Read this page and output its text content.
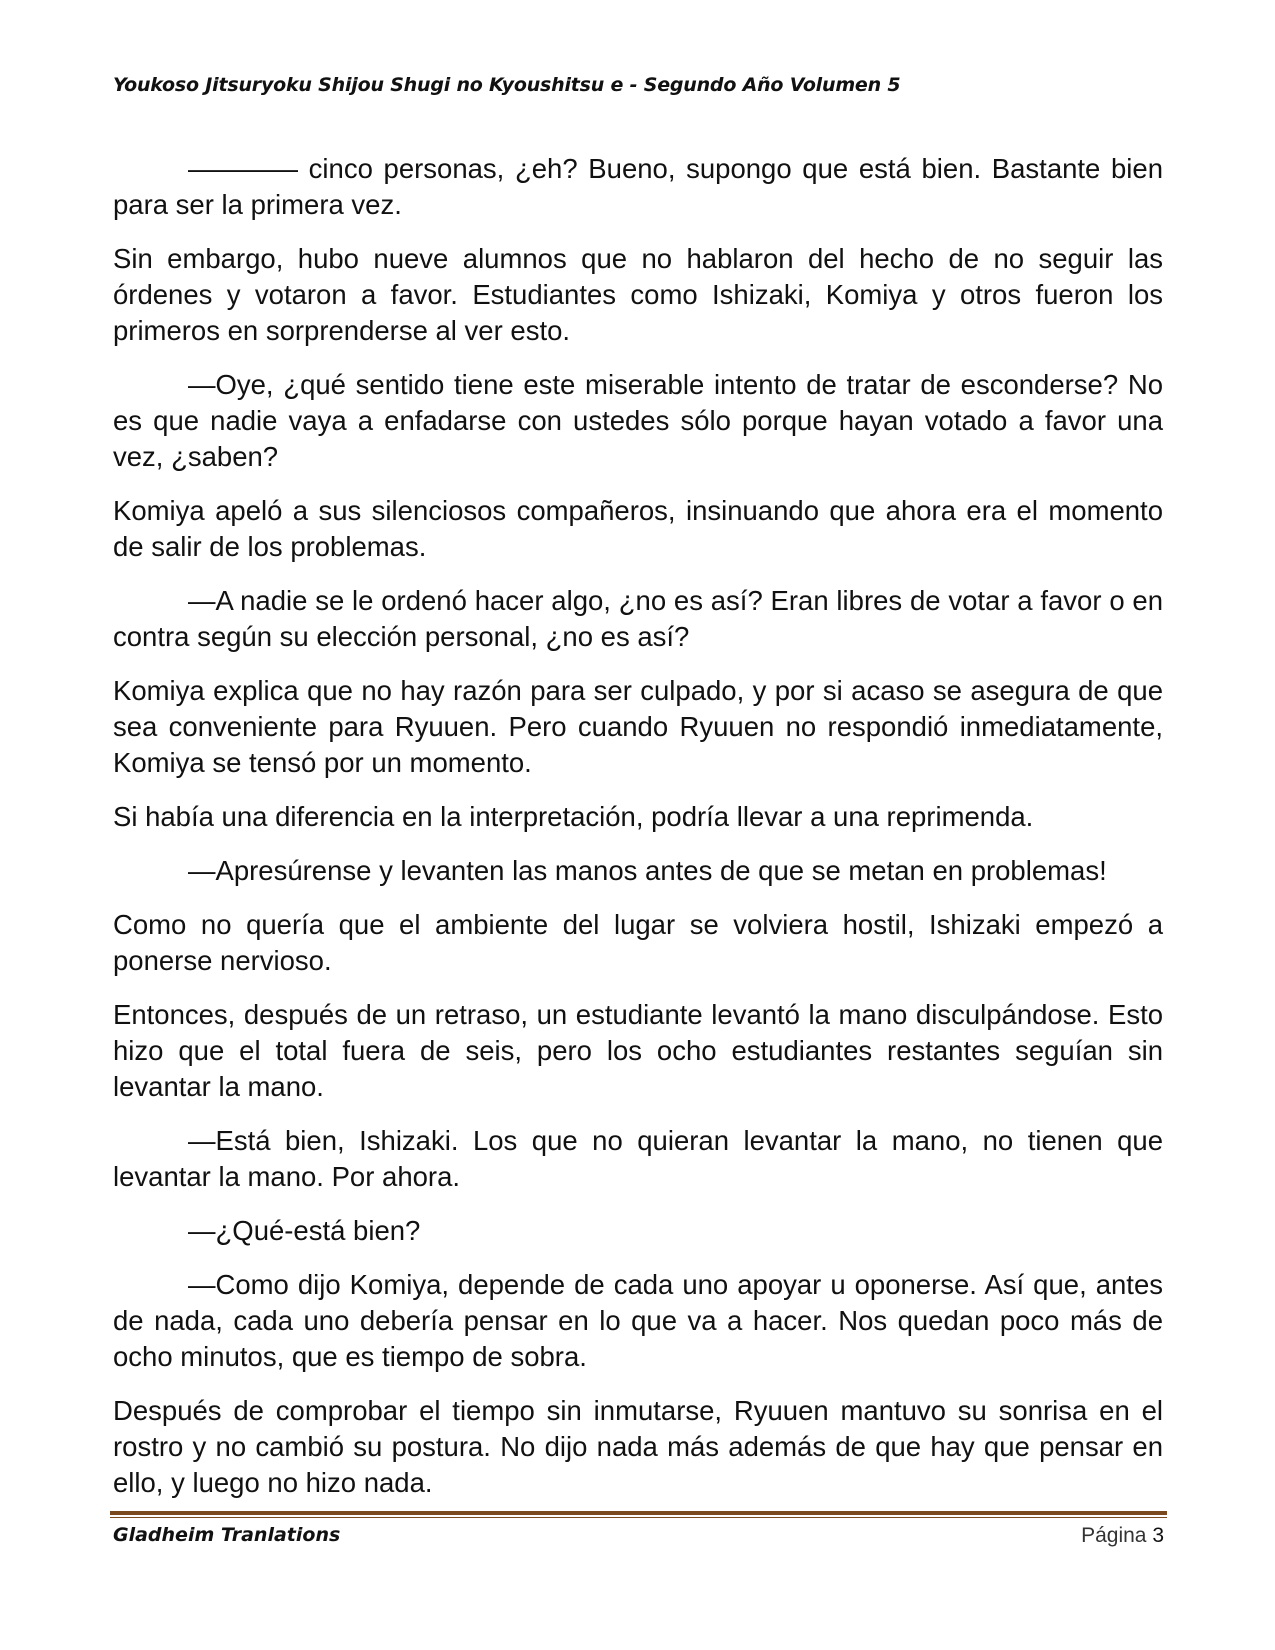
Youkoso Jitsuryoku Shijou Shugi no Kyoushitsu e - Segundo Año Volumen 5

———— cinco personas, ¿eh? Bueno, supongo que está bien. Bastante bien para ser la primera vez.

Sin embargo, hubo nueve alumnos que no hablaron del hecho de no seguir las órdenes y votaron a favor. Estudiantes como Ishizaki, Komiya y otros fueron los primeros en sorprenderse al ver esto.

—Oye, ¿qué sentido tiene este miserable intento de tratar de esconderse? No es que nadie vaya a enfadarse con ustedes sólo porque hayan votado a favor una vez, ¿saben?

Komiya apeló a sus silenciosos compañeros, insinuando que ahora era el momento de salir de los problemas.

—A nadie se le ordenó hacer algo, ¿no es así? Eran libres de votar a favor o en contra según su elección personal, ¿no es así?

Komiya explica que no hay razón para ser culpado, y por si acaso se asegura de que sea conveniente para Ryuuen. Pero cuando Ryuuen no respondió inmediatamente, Komiya se tensó por un momento.

Si había una diferencia en la interpretación, podría llevar a una reprimenda.

—Apresúrense y levanten las manos antes de que se metan en problemas!

Como no quería que el ambiente del lugar se volviera hostil, Ishizaki empezó a ponerse nervioso.

Entonces, después de un retraso, un estudiante levantó la mano disculpándose. Esto hizo que el total fuera de seis, pero los ocho estudiantes restantes seguían sin levantar la mano.

—Está bien, Ishizaki. Los que no quieran levantar la mano, no tienen que levantar la mano. Por ahora.

—¿Qué-está bien?

—Como dijo Komiya, depende de cada uno apoyar u oponerse. Así que, antes de nada, cada uno debería pensar en lo que va a hacer. Nos quedan poco más de ocho minutos, que es tiempo de sobra.

Después de comprobar el tiempo sin inmutarse, Ryuuen mantuvo su sonrisa en el rostro y no cambió su postura. No dijo nada más además de que hay que pensar en ello, y luego no hizo nada.

Gladheim Tranlations	Página 3
